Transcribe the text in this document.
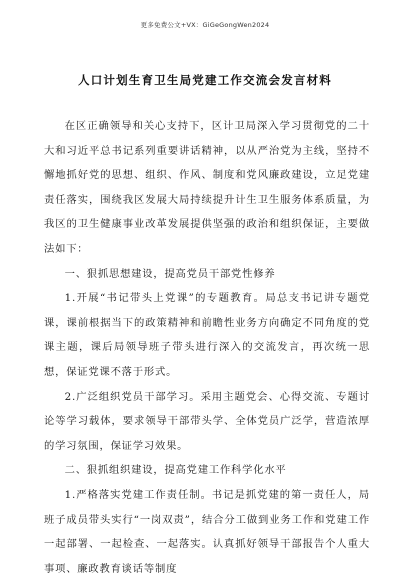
更多免费公文+VX：GiGeGongWen2024
人口计划生育卫生局党建工作交流会发言材料

在区正确领导和关心支持下，区计卫局深入学习贯彻党的二十大和习近平总书记系列重要讲话精神，以从严治党为主线，坚持不懈地抓好党的思想、组织、作风、制度和党风廉政建设，立足党建责任落实，围绕我区发展大局持续提升计生卫生服务体系质量，为我区的卫生健康事业改革发展提供坚强的政治和组织保证，主要做法如下：

一、狠抓思想建设，提高党员干部党性修养

1.开展“书记带头上党课”的专题教育。局总支书记讲专题党课，课前根据当下的政策精神和前瞻性业务方向确定不同角度的党课主题，课后局领导班子带头进行深入的交流发言，再次统一思想，保证党课不落于形式。

2.广泛组织党员干部学习。采用主题党会、心得交流、专题讨论等学习载体，要求领导干部带头学、全体党员广泛学，营造浓厚的学习氛围，保证学习效果。

二、狠抓组织建设，提高党建工作科学化水平

1.严格落实党建工作责任制。书记是抓党建的第一责任人，局班子成员带头实行“一岗双责”，结合分工做到业务工作和党建工作一起部署、一起检查、一起落实。认真抓好领导干部报告个人重大事项、廉政教育谈话等制度
